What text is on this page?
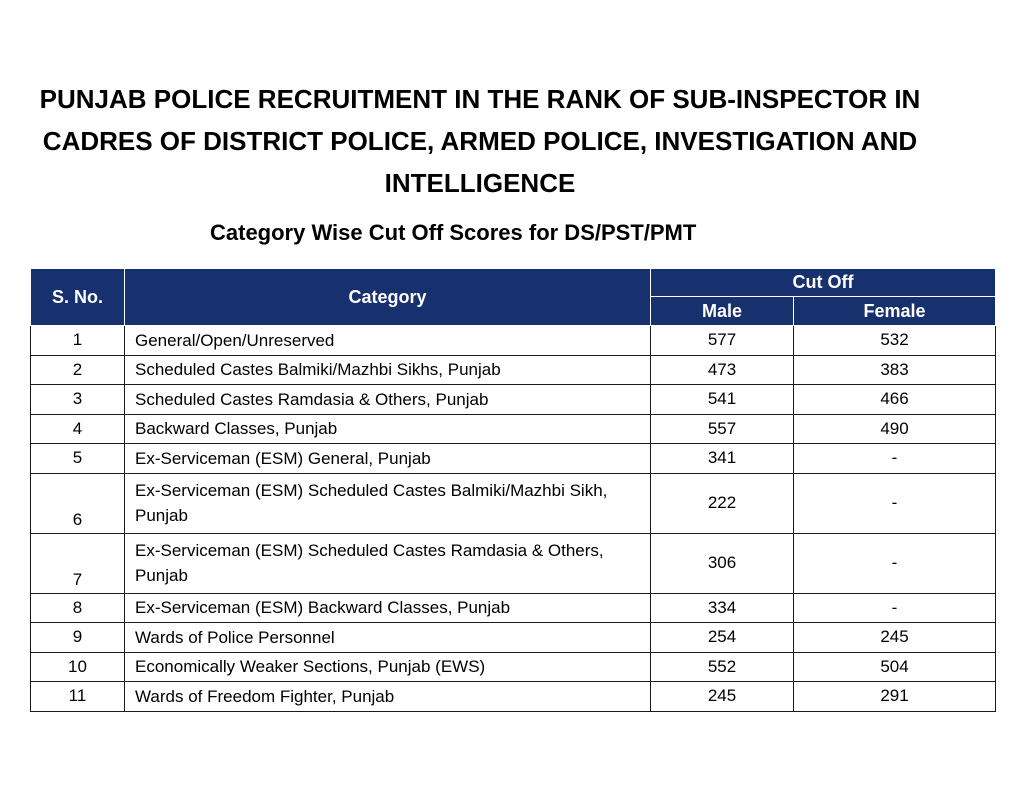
PUNJAB POLICE RECRUITMENT IN THE RANK OF SUB-INSPECTOR IN
CADRES OF DISTRICT POLICE, ARMED POLICE, INVESTIGATION AND
INTELLIGENCE
Category Wise Cut Off Scores for DS/PST/PMT
S. No.	Category	Cut Off	
		Male	Female
1	General/Open/Unreserved	577	532
2	Scheduled Castes Balmiki/Mazhbi Sikhs, Punjab	473	383
3	Scheduled Castes Ramdasia & Others, Punjab	541	466
4	Backward Classes, Punjab	557	490
5	Ex-Serviceman (ESM) General, Punjab	341	-
6	Ex-Serviceman (ESM) Scheduled Castes Balmiki/Mazhbi Sikh, Punjab	222	-
7	Ex-Serviceman (ESM) Scheduled Castes Ramdasia & Others, Punjab	306	-
8	Ex-Serviceman (ESM) Backward Classes, Punjab	334	-
9	Wards of Police Personnel	254	245
10	Economically Weaker Sections, Punjab (EWS)	552	504
11	Wards of Freedom Fighter, Punjab	245	291
